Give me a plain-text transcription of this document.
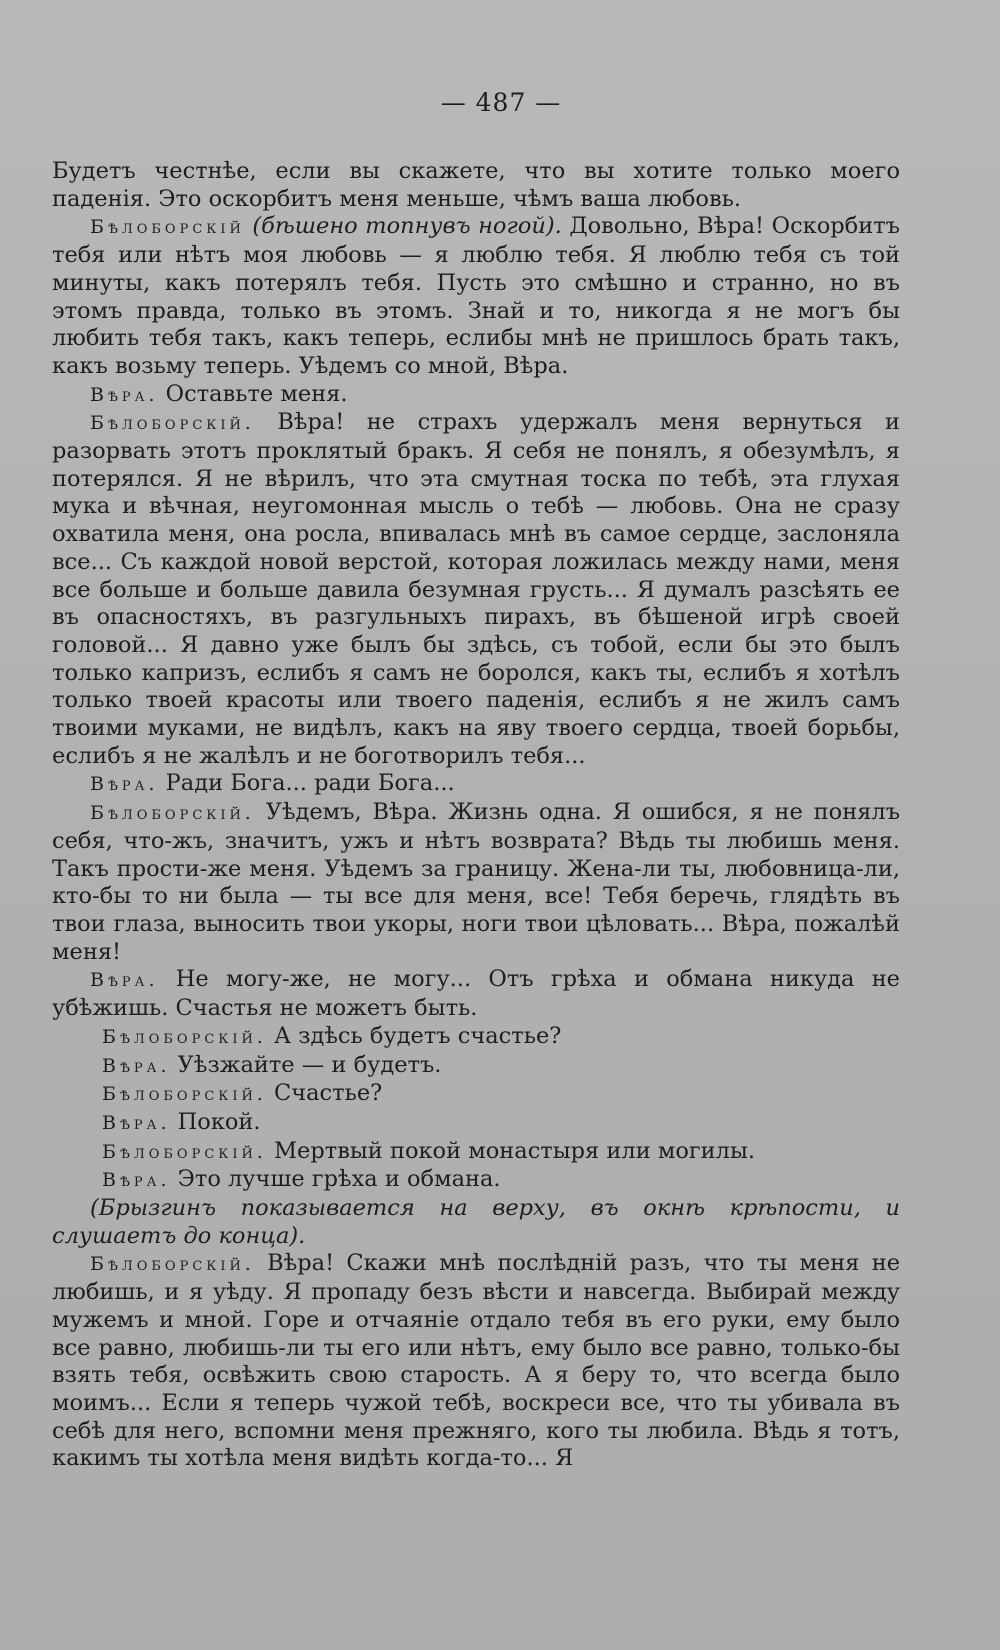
— 487 —

Будетъ честнѣе, если вы скажете, что вы хотите только моего паденія. Это оскорбитъ меня меньше, чѣмъ ваша любовь.

Бѣлоборскій (бѣшено топнувъ ногой). Довольно, Вѣра! Оскорбитъ тебя или нѣтъ моя любовь — я люблю тебя. Я люблю тебя съ той минуты, какъ потерялъ тебя. Пусть это смѣшно и странно, но въ этомъ правда, только въ этомъ. Знай и то, никогда я не могъ бы любить тебя такъ, какъ теперь, еслибы мнѣ не пришлось брать такъ, какъ возьму теперь. Уѣдемъ со мной, Вѣра.

Вѣра. Оставьте меня.

Бѣлоборскій. Вѣра! не страхъ удержалъ меня вернуться и разорвать этотъ проклятый бракъ. Я себя не понялъ, я обезумѣлъ, я потерялся. Я не вѣрилъ, что эта смутная тоска по тебѣ, эта глухая мука и вѣчная, неугомонная мысль о тебѣ — любовь. Она не сразу охватила меня, она росла, впивалась мнѣ въ самое сердце, заслоняла все... Съ каждой новой верстой, которая ложилась между нами, меня все больше и больше давила безумная грусть... Я думалъ разсѣять ее въ опасностяхъ, въ разгульныхъ пирахъ, въ бѣшеной игрѣ своей головой... Я давно уже былъ бы здѣсь, съ тобой, если бы это былъ только капризъ, еслибъ я самъ не боролся, какъ ты, еслибъ я хотѣлъ только твоей красоты или твоего паденія, еслибъ я не жилъ самъ твоими муками, не видѣлъ, какъ на яву твоего сердца, твоей борьбы, еслибъ я не жалѣлъ и не боготворилъ тебя...

Вѣра. Ради Бога... ради Бога...

Бѣлоборскій. Уѣдемъ, Вѣра. Жизнь одна. Я ошибся, я не понялъ себя, что-жъ, значитъ, ужъ и нѣтъ возврата? Вѣдь ты любишь меня. Такъ прости-же меня. Уѣдемъ за границу. Жена-ли ты, любовница-ли, кто-бы то ни была — ты все для меня, все! Тебя беречь, глядѣть въ твои глаза, выносить твои укоры, ноги твои цѣловать... Вѣра, пожалѣй меня!

Вѣра. Не могу-же, не могу... Отъ грѣха и обмана никуда не убѣжишь. Счастья не можетъ быть.

Бѣлоборскій. А здѣсь будетъ счастье?

Вѣра. Уѣзжайте — и будетъ.

Бѣлоборскій. Счастье?

Вѣра. Покой.

Бѣлоборскій. Мертвый покой монастыря или могилы.

Вѣра. Это лучше грѣха и обмана.

(Брызгинъ показывается на верху, въ окнѣ крѣпости, и слушаетъ до конца).

Бѣлоборскій. Вѣра! Скажи мнѣ послѣдній разъ, что ты меня не любишь, и я уѣду. Я пропаду безъ вѣсти и навсегда. Выбирай между мужемъ и мной. Горе и отчаяніе отдало тебя въ его руки, ему было все равно, любишь-ли ты его или нѣтъ, ему было все равно, только-бы взять тебя, освѣжить свою старость. А я беру то, что всегда было моимъ... Если я теперь чужой тебѣ, воскреси все, что ты убивала въ себѣ для него, вспомни меня прежняго, кого ты любила. Вѣдь я тотъ, какимъ ты хотѣла меня видѣть когда-то... Я
